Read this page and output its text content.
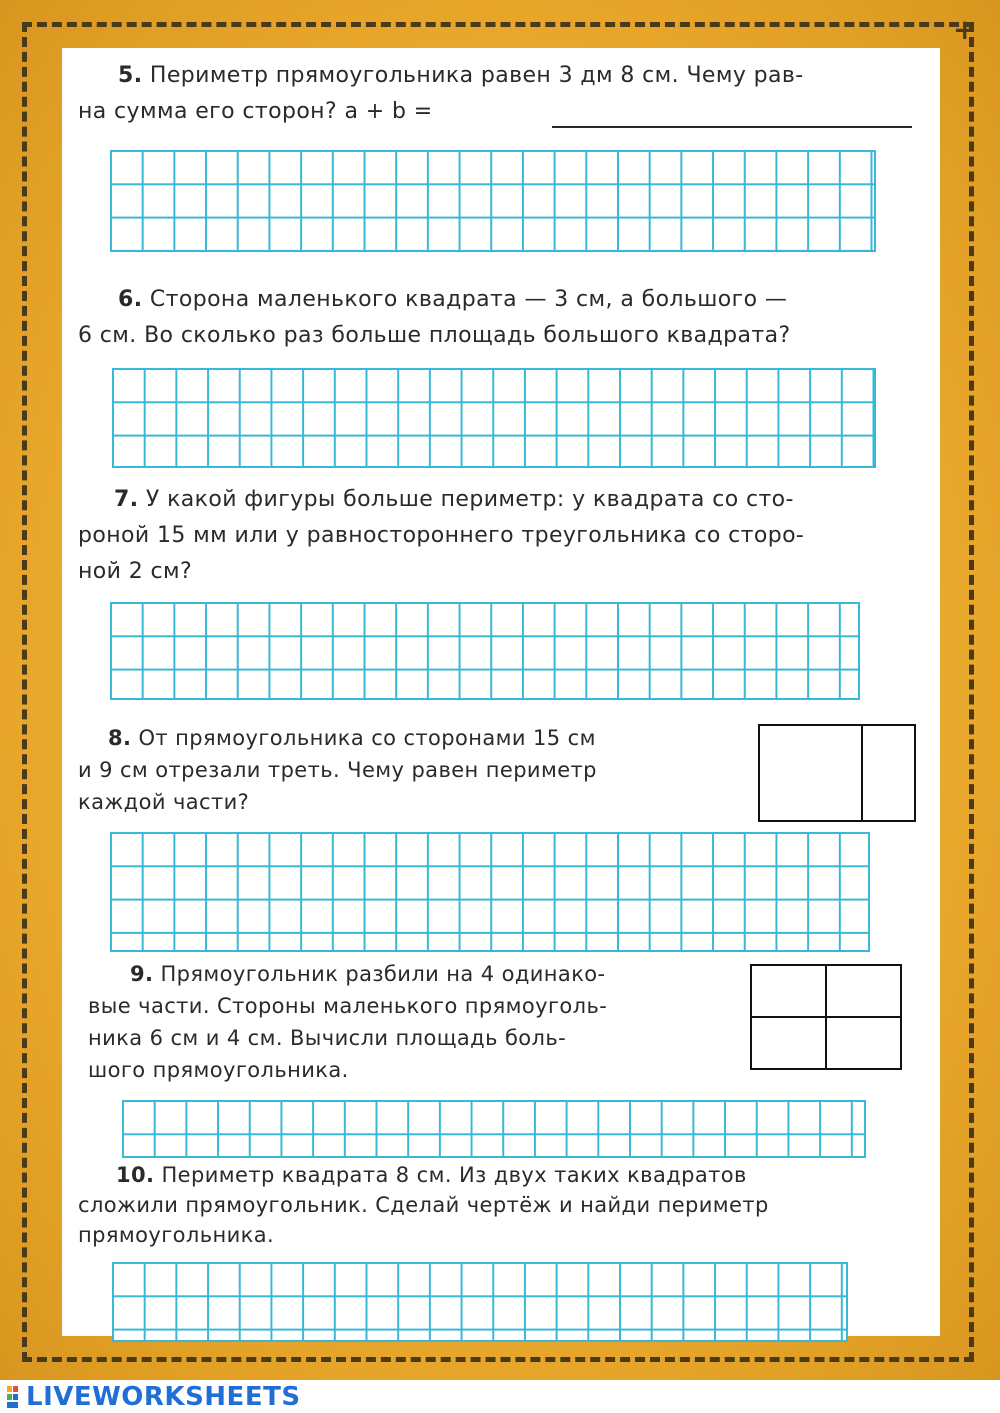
+
5. Периметр прямоугольника равен 3 дм 8 см. Чему рав-
на сумма его сторон? a + b =
6. Сторона маленького квадрата — 3 см, а большого —
6 см. Во сколько раз больше площадь большого квадрата?
7. У какой фигуры больше периметр: у квадрата со сто-
роной 15 мм или у равностороннего треугольника со сторо-
ной 2 см?
8. От прямоугольника со сторонами 15 см
и 9 см отрезали треть. Чему равен периметр
каждой части?
9. Прямоугольник разбили на 4 одинако-
вые части. Стороны маленького прямоуголь-
ника 6 см и 4 см. Вычисли площадь боль-
шого прямоугольника.
10. Периметр квадрата 8 см. Из двух таких квадратов
сложили прямоугольник. Сделай чертёж и найди периметр
прямоугольника.
LIVEWORKSHEETS
